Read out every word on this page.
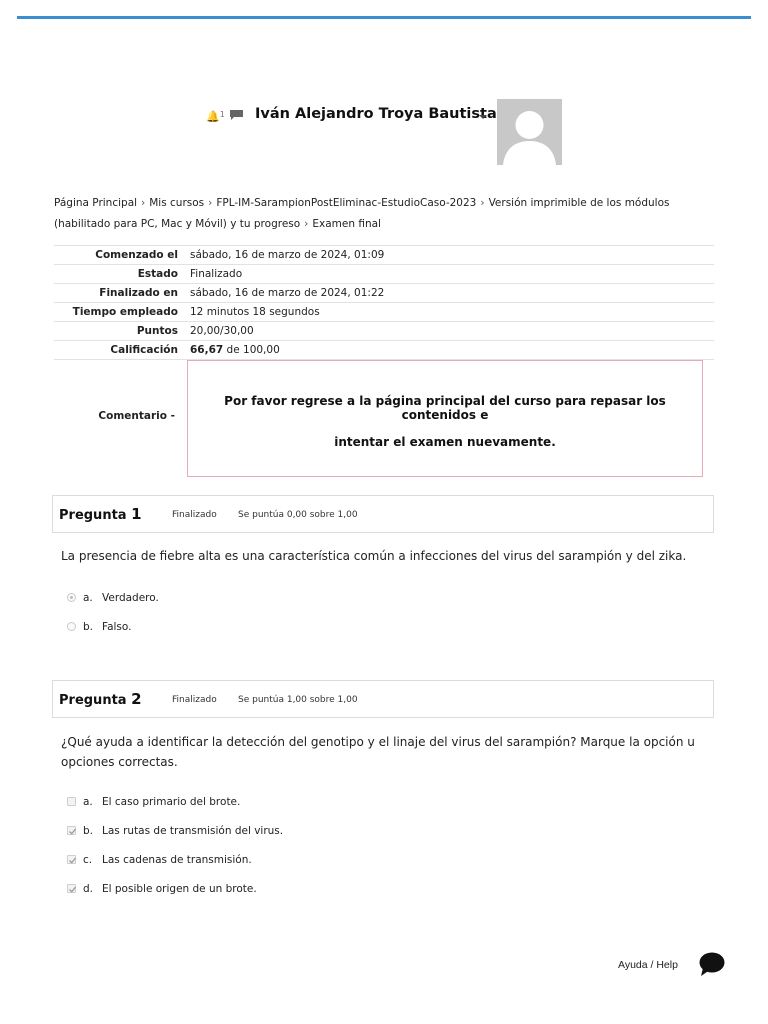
🔔$^1$ Iván Alejandro Troya Bautista
Página Principal › Mis cursos › FPL-IM-SarampionPostEliminac-EstudioCaso-2023 › Versión imprimible de los módulos (habilitado para PC, Mac y Móvil) y tu progreso › Examen final
Comenzado el	sábado, 16 de marzo de 2024, 01:09
Estado	Finalizado
Finalizado en	sábado, 16 de marzo de 2024, 01:22
Tiempo empleado	12 minutos 18 segundos
Puntos	20,00/30,00
Calificación	66,67 de 100,00
Comentario -
Por favor regrese a la página principal del curso para repasar los contenidos e
intentar el examen nuevamente.
Pregunta 1	Finalizado Se puntúa 0,00 sobre 1,00
La presencia de fiebre alta es una característica común a infecciones del virus del sarampión y del zika.
a. Verdadero.
b. Falso.
Pregunta 2	Finalizado Se puntúa 1,00 sobre 1,00
¿Qué ayuda a identificar la detección del genotipo y el linaje del virus del sarampión? Marque la opción u opciones correctas.
a. El caso primario del brote.
b. Las rutas de transmisión del virus.
c. Las cadenas de transmisión.
d. El posible origen de un brote.
Ayuda / Help
